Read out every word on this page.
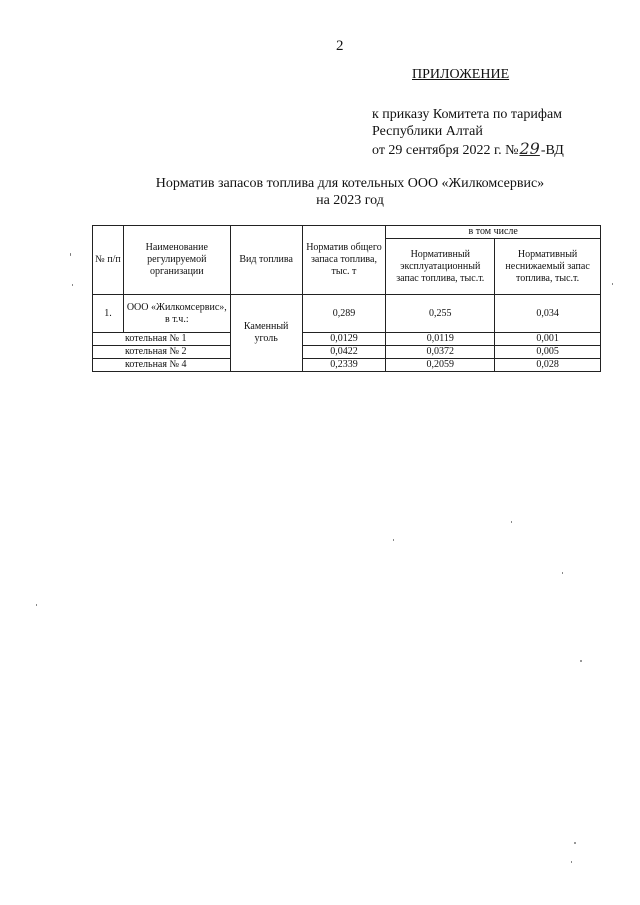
2
ПРИЛОЖЕНИЕ
к приказу Комитета по тарифам
Республики Алтай
от 29 сентября 2022 г. №29-ВД
Норматив запасов топлива для котельных ООО «Жилкомсервис»
на 2023 год
№ п/п	Наименование регулируемой организации	Вид топлива	Норматив общего запаса топлива, тыс. т	в том числе	
				Нормативный эксплуатационный запас топлива, тыс.т.	Нормативный неснижаемый запас топлива, тыс.т.
1.	ООО «Жилкомсервис», в т.ч.:	Каменный уголь	0,289	0,255	0,034
котельная № 1			0,0129	0,0119	0,001
котельная № 2			0,0422	0,0372	0,005
котельная № 4			0,2339	0,2059	0,028
